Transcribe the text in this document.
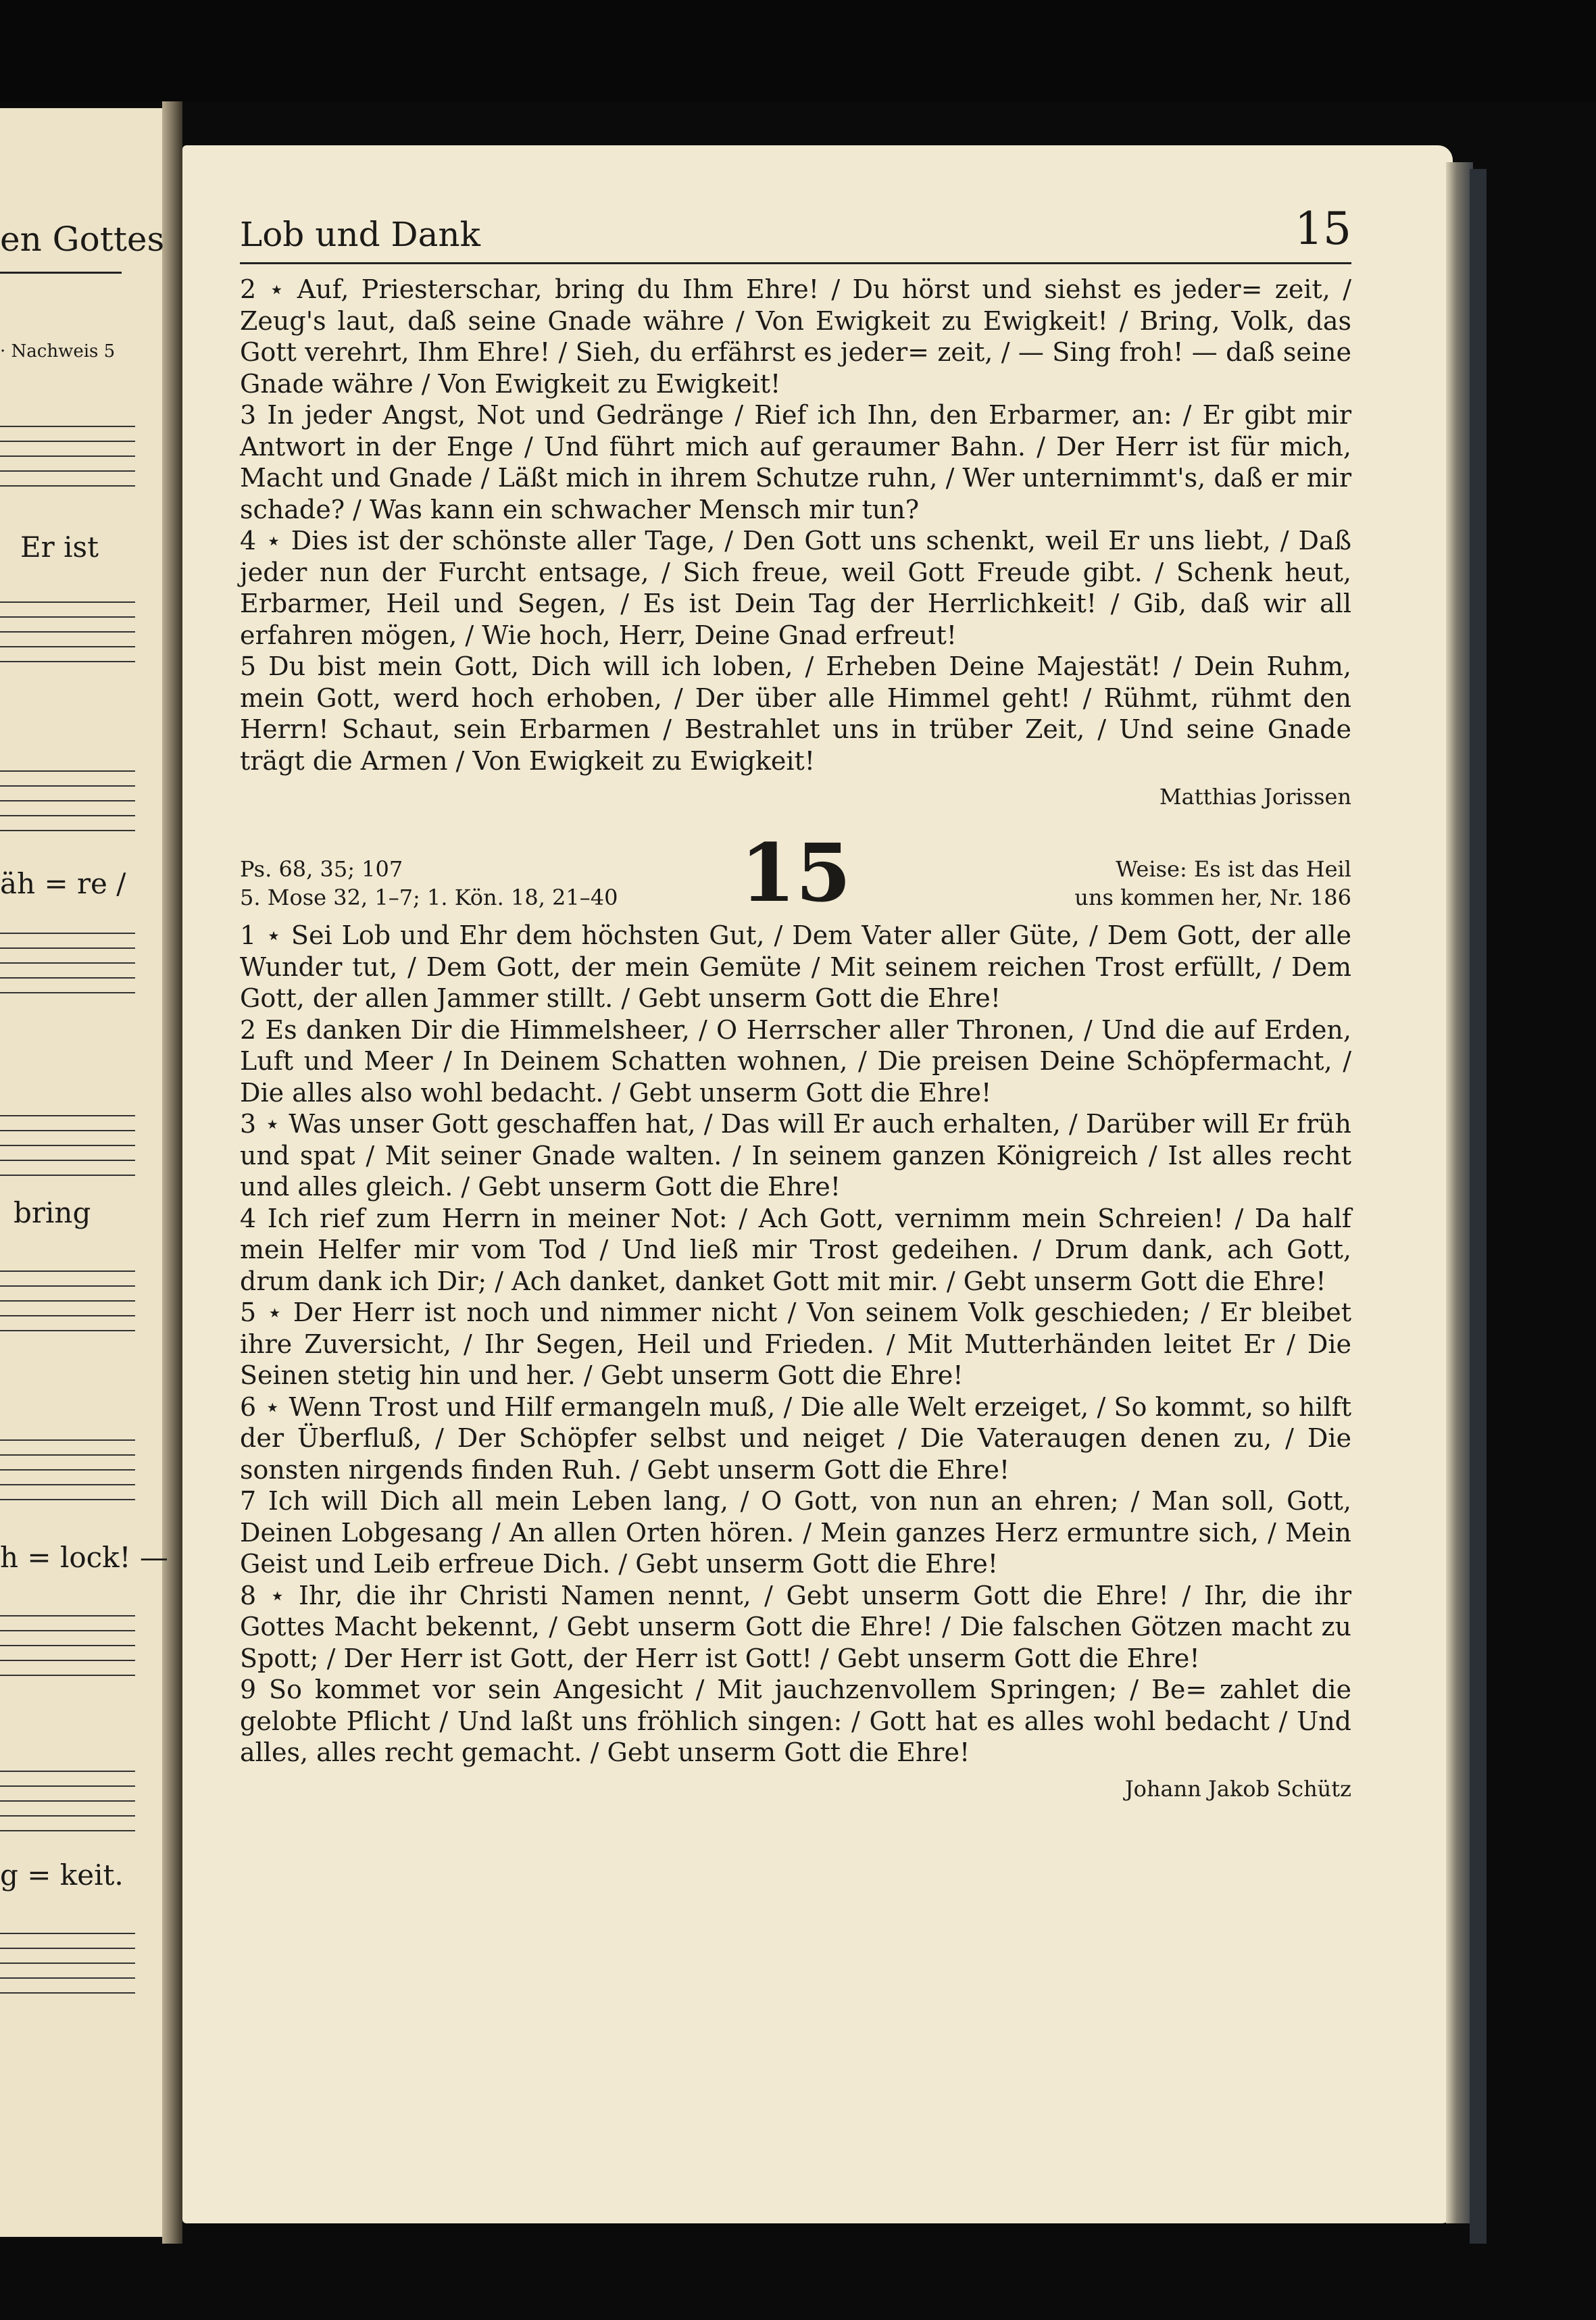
en Gottes
· Nachweis 5
Er ist
äh = re /
bring
h = lock! —
g = keit.
Lob und Dank	15

2 ⋆ Auf, Priesterschar, bring du Ihm Ehre! / Du hörst und siehst es jeder= zeit, / Zeug's laut, daß seine Gnade währe / Von Ewigkeit zu Ewigkeit! / Bring, Volk, das Gott verehrt, Ihm Ehre! / Sieh, du erfährst es jeder= zeit, / — Sing froh! — daß seine Gnade währe / Von Ewigkeit zu Ewigkeit!

3 In jeder Angst, Not und Gedränge / Rief ich Ihn, den Erbarmer, an: / Er gibt mir Antwort in der Enge / Und führt mich auf geraumer Bahn. / Der Herr ist für mich, Macht und Gnade / Läßt mich in ihrem Schutze ruhn, / Wer unternimmt's, daß er mir schade? / Was kann ein schwacher Mensch mir tun?

4 ⋆ Dies ist der schönste aller Tage, / Den Gott uns schenkt, weil Er uns liebt, / Daß jeder nun der Furcht entsage, / Sich freue, weil Gott Freude gibt. / Schenk heut, Erbarmer, Heil und Segen, / Es ist Dein Tag der Herrlichkeit! / Gib, daß wir all erfahren mögen, / Wie hoch, Herr, Deine Gnad erfreut!

5 Du bist mein Gott, Dich will ich loben, / Erheben Deine Majestät! / Dein Ruhm, mein Gott, werd hoch erhoben, / Der über alle Himmel geht! / Rühmt, rühmt den Herrn! Schaut, sein Erbarmen / Bestrahlet uns in trüber Zeit, / Und seine Gnade trägt die Armen / Von Ewigkeit zu Ewigkeit!

Matthias Jorissen
Ps. 68, 35; 107
5. Mose 32, 1–7; 1. Kön. 18, 21–40	15	Weise: Es ist das Heil
uns kommen her, Nr. 186

1 ⋆ Sei Lob und Ehr dem höchsten Gut, / Dem Vater aller Güte, / Dem Gott, der alle Wunder tut, / Dem Gott, der mein Gemüte / Mit seinem reichen Trost erfüllt, / Dem Gott, der allen Jammer stillt. / Gebt unserm Gott die Ehre!

2 Es danken Dir die Himmelsheer, / O Herrscher aller Thronen, / Und die auf Erden, Luft und Meer / In Deinem Schatten wohnen, / Die preisen Deine Schöpfermacht, / Die alles also wohl bedacht. / Gebt unserm Gott die Ehre!

3 ⋆ Was unser Gott geschaffen hat, / Das will Er auch erhalten, / Darüber will Er früh und spat / Mit seiner Gnade walten. / In seinem ganzen Königreich / Ist alles recht und alles gleich. / Gebt unserm Gott die Ehre!

4 Ich rief zum Herrn in meiner Not: / Ach Gott, vernimm mein Schreien! / Da half mein Helfer mir vom Tod / Und ließ mir Trost gedeihen. / Drum dank, ach Gott, drum dank ich Dir; / Ach danket, danket Gott mit mir. / Gebt unserm Gott die Ehre!

5 ⋆ Der Herr ist noch und nimmer nicht / Von seinem Volk geschieden; / Er bleibet ihre Zuversicht, / Ihr Segen, Heil und Frieden. / Mit Mutterhänden leitet Er / Die Seinen stetig hin und her. / Gebt unserm Gott die Ehre!

6 ⋆ Wenn Trost und Hilf ermangeln muß, / Die alle Welt erzeiget, / So kommt, so hilft der Überfluß, / Der Schöpfer selbst und neiget / Die Vateraugen denen zu, / Die sonsten nirgends finden Ruh. / Gebt unserm Gott die Ehre!

7 Ich will Dich all mein Leben lang, / O Gott, von nun an ehren; / Man soll, Gott, Deinen Lobgesang / An allen Orten hören. / Mein ganzes Herz ermuntre sich, / Mein Geist und Leib erfreue Dich. / Gebt unserm Gott die Ehre!

8 ⋆ Ihr, die ihr Christi Namen nennt, / Gebt unserm Gott die Ehre! / Ihr, die ihr Gottes Macht bekennt, / Gebt unserm Gott die Ehre! / Die falschen Götzen macht zu Spott; / Der Herr ist Gott, der Herr ist Gott! / Gebt unserm Gott die Ehre!

9 So kommet vor sein Angesicht / Mit jauchzenvollem Springen; / Be= zahlet die gelobte Pflicht / Und laßt uns fröhlich singen: / Gott hat es alles wohl bedacht / Und alles, alles recht gemacht. / Gebt unserm Gott die Ehre!

Johann Jakob Schütz
